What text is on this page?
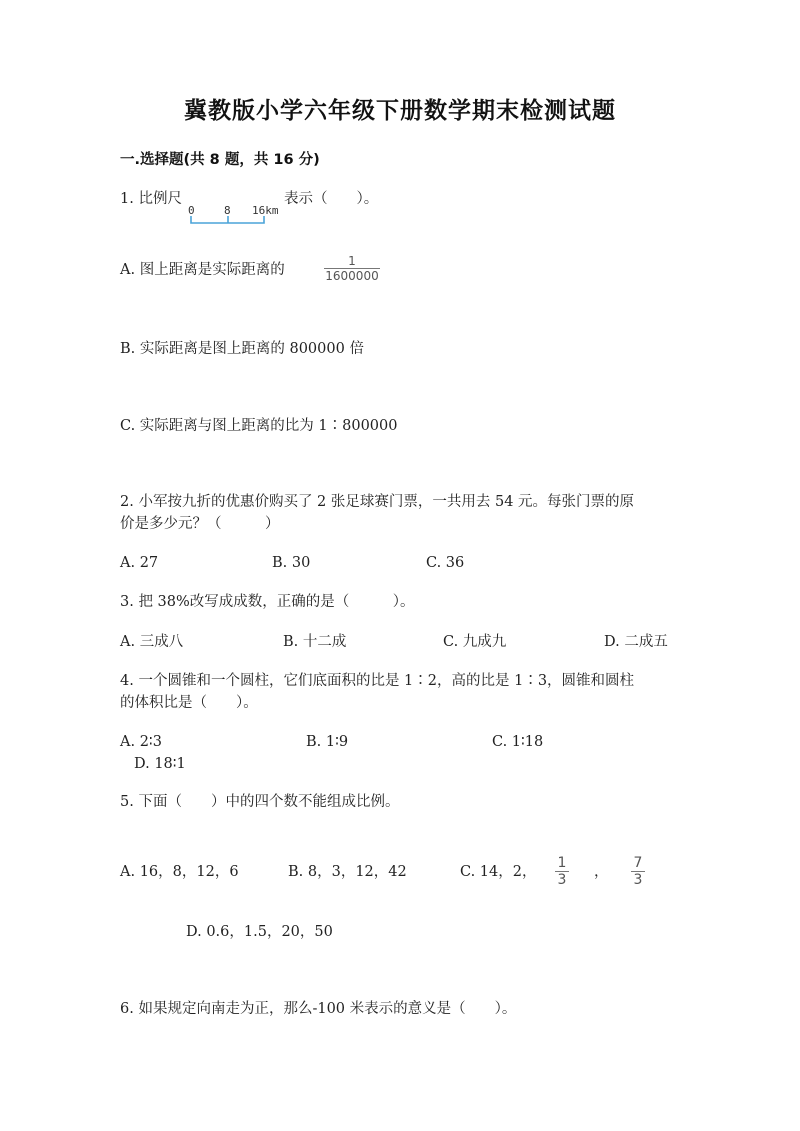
冀教版小学六年级下册数学期末检测试题
一.选择题(共 8 题，共 16 分)
1. 比例尺
0	8 16km
表示（　　）。
A. 图上距离是实际距离的
1
1600000
B. 实际距离是图上距离的 800000 倍
C. 实际距离与图上距离的比为 1∶800000
2. 小军按九折的优惠价购买了 2 张足球赛门票，一共用去 54 元。每张门票的原
价是多少元？（　　　）
A. 27	B. 30	C. 36
3. 把 38%改写成成数，正确的是（　　　）。
A. 三成八	B. 十二成	C. 九成九	D. 二成五
4. 一个圆锥和一个圆柱，它们底面积的比是 1∶2，高的比是 1∶3，圆锥和圆柱
的体积比是（　　）。
A. 2∶3	B. 1∶9	C. 1∶18
D. 18∶1
5. 下面（　　）中的四个数不能组成比例。
A. 16，8，12，6	B. 8，3，12，42	C. 14，2，
1
3 ，
7
3
D. 0.6，1.5，20，50
6. 如果规定向南走为正，那么-100 米表示的意义是（　　）。
